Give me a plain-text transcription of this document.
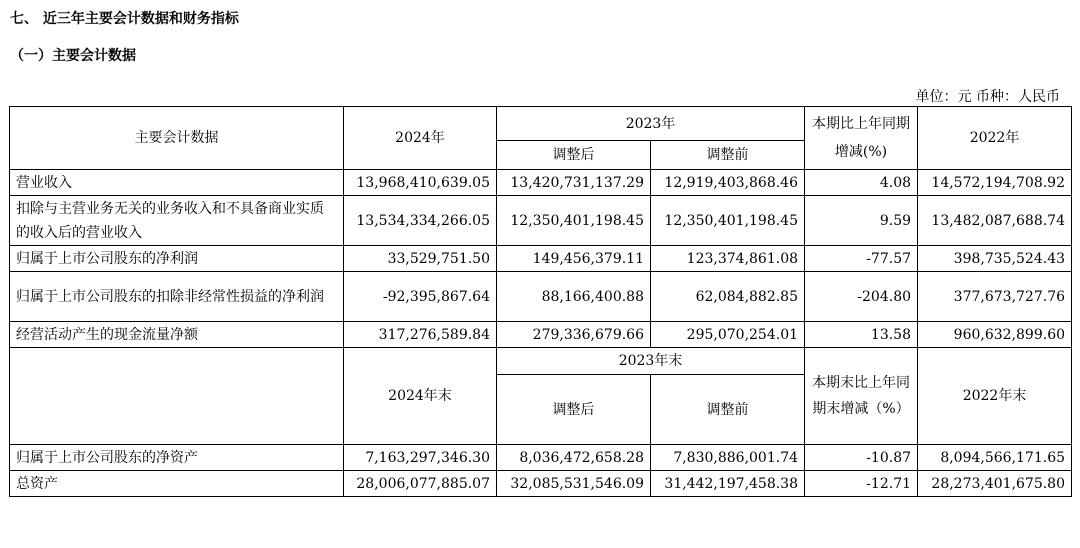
七、 近三年主要会计数据和财务指标
（一）主要会计数据
单位：元 币种：人民币
主要会计数据	2024年	2023年		本期比上年同期增减(%)	2022年
		调整后	调整前		
营业收入	13,968,410,639.05	13,420,731,137.29	12,919,403,868.46	4.08	14,572,194,708.92
扣除与主营业务无关的业务收入和不具备商业实质的收入后的营业收入	13,534,334,266.05	12,350,401,198.45	12,350,401,198.45	9.59	13,482,087,688.74
归属于上市公司股东的净利润	33,529,751.50	149,456,379.11	123,374,861.08	-77.57	398,735,524.43
归属于上市公司股东的扣除非经常性损益的净利润	-92,395,867.64	88,166,400.88	62,084,882.85	-204.80	377,673,727.76
经营活动产生的现金流量净额	317,276,589.84	279,336,679.66	295,070,254.01	13.58	960,632,899.60
	2024年末	2023年末		本期末比上年同期末增减（%）	2022年末
		调整后	调整前		
归属于上市公司股东的净资产	7,163,297,346.30	8,036,472,658.28	7,830,886,001.74	-10.87	8,094,566,171.65
总资产	28,006,077,885.07	32,085,531,546.09	31,442,197,458.38	-12.71	28,273,401,675.80
